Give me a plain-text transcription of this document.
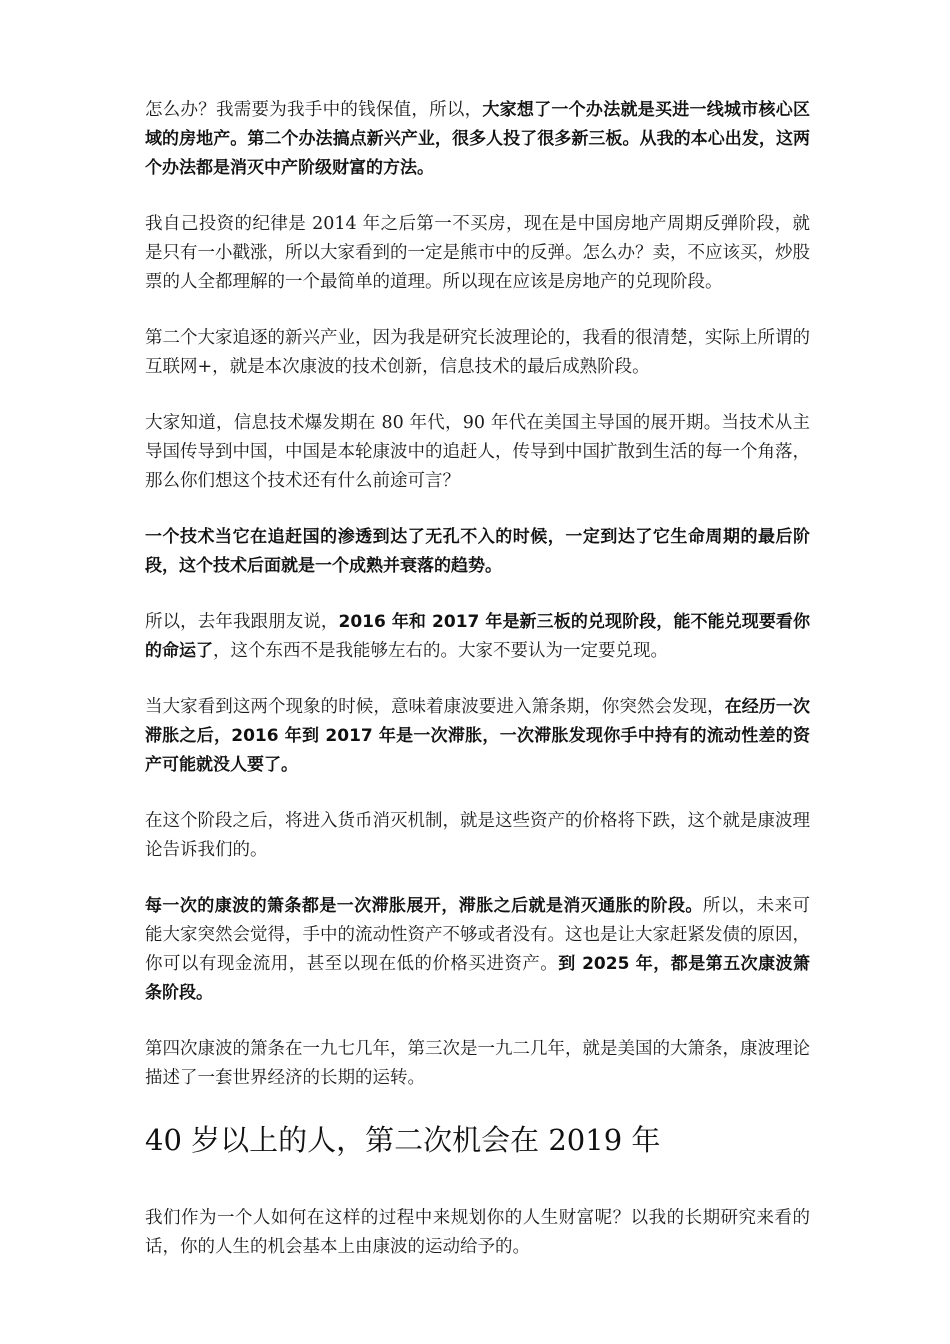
怎么办？我需要为我手中的钱保值，所以，大家想了一个办法就是买进一线城市核心区域的房地产。第二个办法搞点新兴产业，很多人投了很多新三板。从我的本心出发，这两个办法都是消灭中产阶级财富的方法。

我自己投资的纪律是 2014 年之后第一不买房，现在是中国房地产周期反弹阶段，就是只有一小戳涨，所以大家看到的一定是熊市中的反弹。怎么办？卖，不应该买，炒股票的人全都理解的一个最简单的道理。所以现在应该是房地产的兑现阶段。

第二个大家追逐的新兴产业，因为我是研究长波理论的，我看的很清楚，实际上所谓的互联网+，就是本次康波的技术创新，信息技术的最后成熟阶段。

大家知道，信息技术爆发期在 80 年代，90 年代在美国主导国的展开期。当技术从主导国传导到中国，中国是本轮康波中的追赶人，传导到中国扩散到生活的每一个角落，那么你们想这个技术还有什么前途可言？

一个技术当它在追赶国的渗透到达了无孔不入的时候，一定到达了它生命周期的最后阶段，这个技术后面就是一个成熟并衰落的趋势。

所以，去年我跟朋友说，2016 年和 2017 年是新三板的兑现阶段，能不能兑现要看你的命运了，这个东西不是我能够左右的。大家不要认为一定要兑现。

当大家看到这两个现象的时候，意味着康波要进入箫条期，你突然会发现，在经历一次滞胀之后，2016 年到 2017 年是一次滞胀，一次滞胀发现你手中持有的流动性差的资产可能就没人要了。

在这个阶段之后，将进入货币消灭机制，就是这些资产的价格将下跌，这个就是康波理论告诉我们的。

每一次的康波的箫条都是一次滞胀展开，滞胀之后就是消灭通胀的阶段。所以，未来可能大家突然会觉得，手中的流动性资产不够或者没有。这也是让大家赶紧发债的原因，你可以有现金流用，甚至以现在低的价格买进资产。到 2025 年，都是第五次康波箫条阶段。

第四次康波的箫条在一九七几年，第三次是一九二几年，就是美国的大箫条，康波理论描述了一套世界经济的长期的运转。

40 岁以上的人，第二次机会在 2019 年

我们作为一个人如何在这样的过程中来规划你的人生财富呢？以我的长期研究来看的话，你的人生的机会基本上由康波的运动给予的。
